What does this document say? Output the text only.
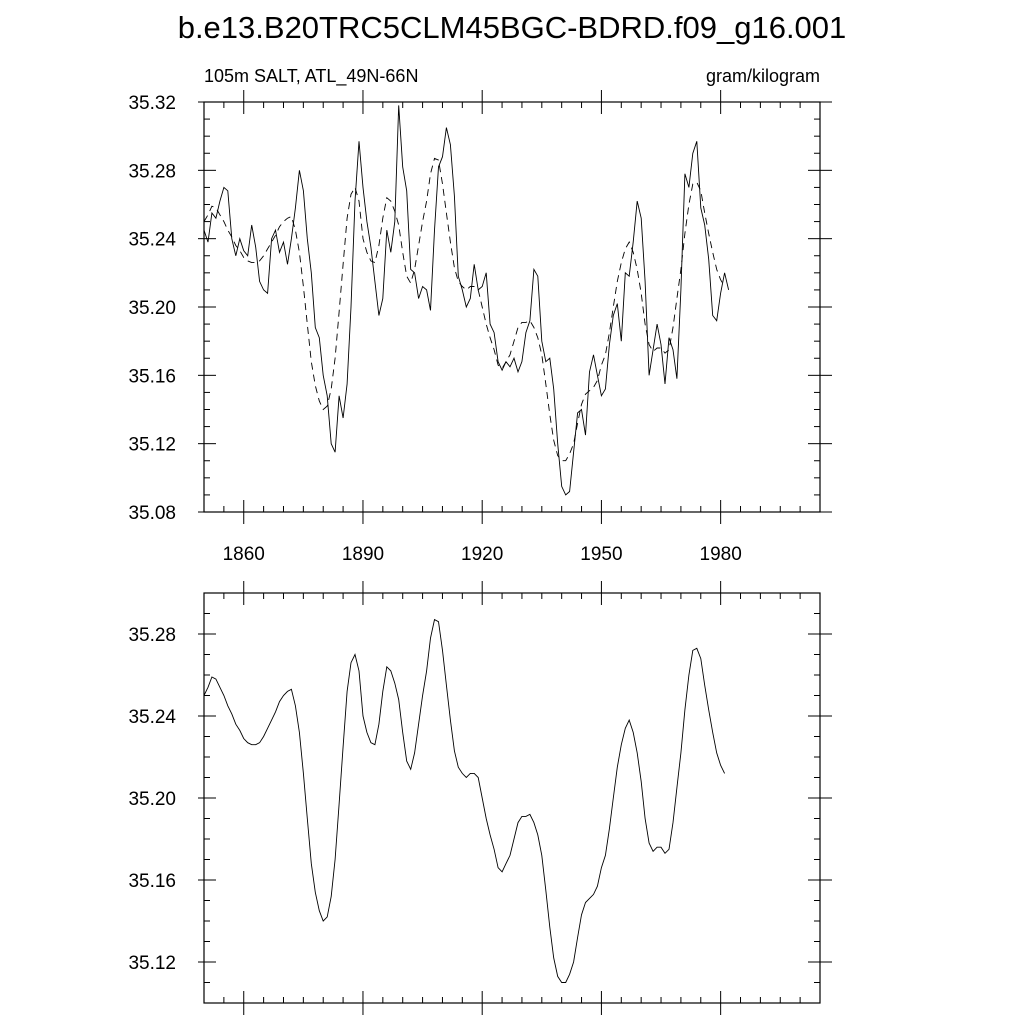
b.e13.B20TRC5CLM45BGC-BDRD.f09_g16.001
105m SALT, ATL_49N-66N	gram/kilogram
1860	1890	1920	1950	1980
35.08
35.12
35.16
35.20
35.24
35.28
35.32
35.12
35.16
35.20
35.24
35.28
